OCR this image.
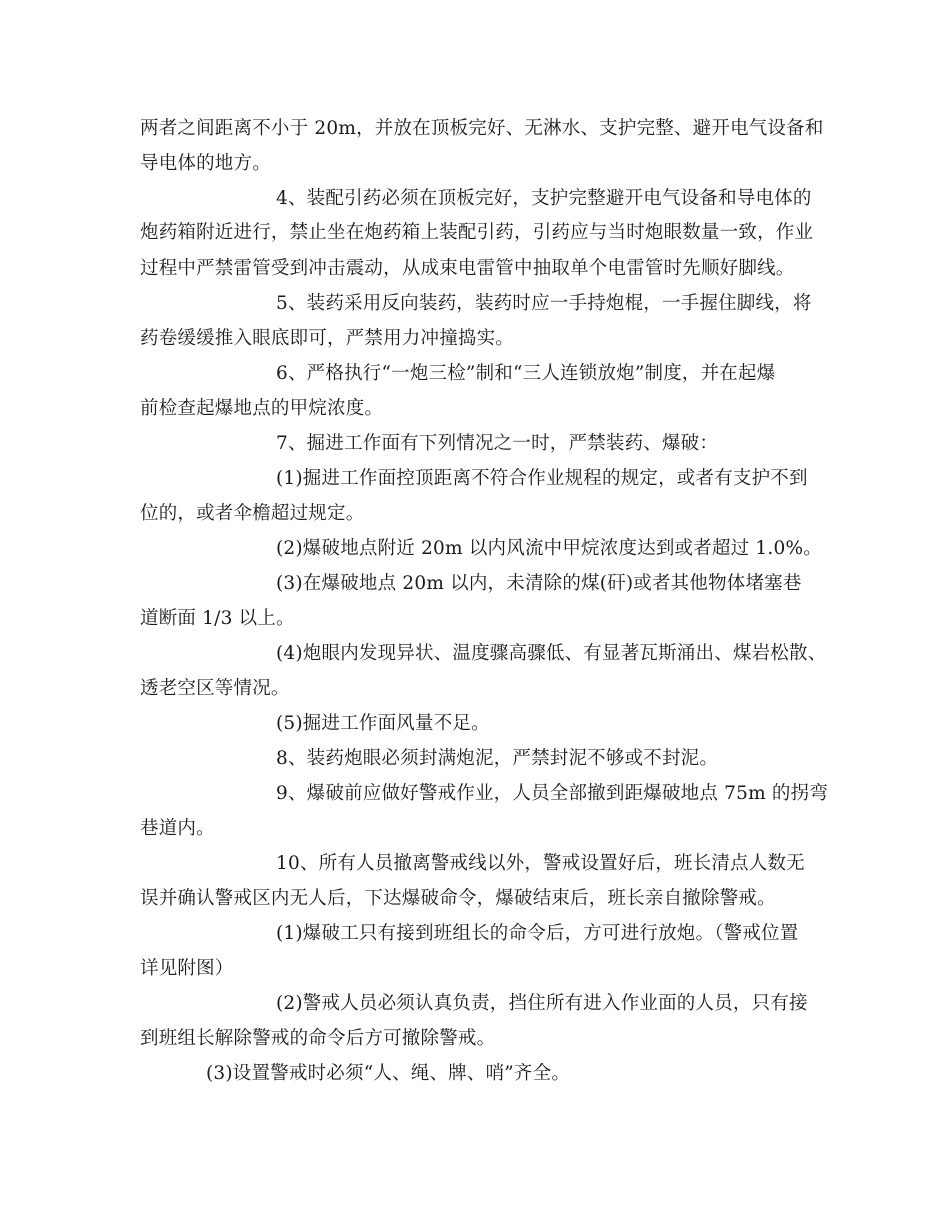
两者之间距离不小于 20m，并放在顶板完好、无淋水、支护完整、避开电气设备和
导电体的地方。
4、装配引药必须在顶板完好，支护完整避开电气设备和导电体的
炮药箱附近进行，禁止坐在炮药箱上装配引药，引药应与当时炮眼数量一致，作业
过程中严禁雷管受到冲击震动，从成束电雷管中抽取单个电雷管时先顺好脚线。
5、装药采用反向装药，装药时应一手持炮棍，一手握住脚线，将
药卷缓缓推入眼底即可，严禁用力冲撞捣实。
6、严格执行“一炮三检”制和“三人连锁放炮”制度，并在起爆
前检查起爆地点的甲烷浓度。
7、掘进工作面有下列情况之一时，严禁装药、爆破：
(1)掘进工作面控顶距离不符合作业规程的规定，或者有支护不到
位的，或者伞檐超过规定。
(2)爆破地点附近 20m 以内风流中甲烷浓度达到或者超过 1.0%。
(3)在爆破地点 20m 以内，未清除的煤(矸)或者其他物体堵塞巷
道断面 1/3 以上。
(4)炮眼内发现异状、温度骤高骤低、有显著瓦斯涌出、煤岩松散、
透老空区等情况。
(5)掘进工作面风量不足。
8、装药炮眼必须封满炮泥，严禁封泥不够或不封泥。
9、爆破前应做好警戒作业，人员全部撤到距爆破地点 75m 的拐弯
巷道内。
10、所有人员撤离警戒线以外，警戒设置好后，班长清点人数无
误并确认警戒区内无人后，下达爆破命令，爆破结束后，班长亲自撤除警戒。
(1)爆破工只有接到班组长的命令后，方可进行放炮。（警戒位置
详见附图）
(2)警戒人员必须认真负责，挡住所有进入作业面的人员，只有接
到班组长解除警戒的命令后方可撤除警戒。
(3)设置警戒时必须“人、绳、牌、哨”齐全。
